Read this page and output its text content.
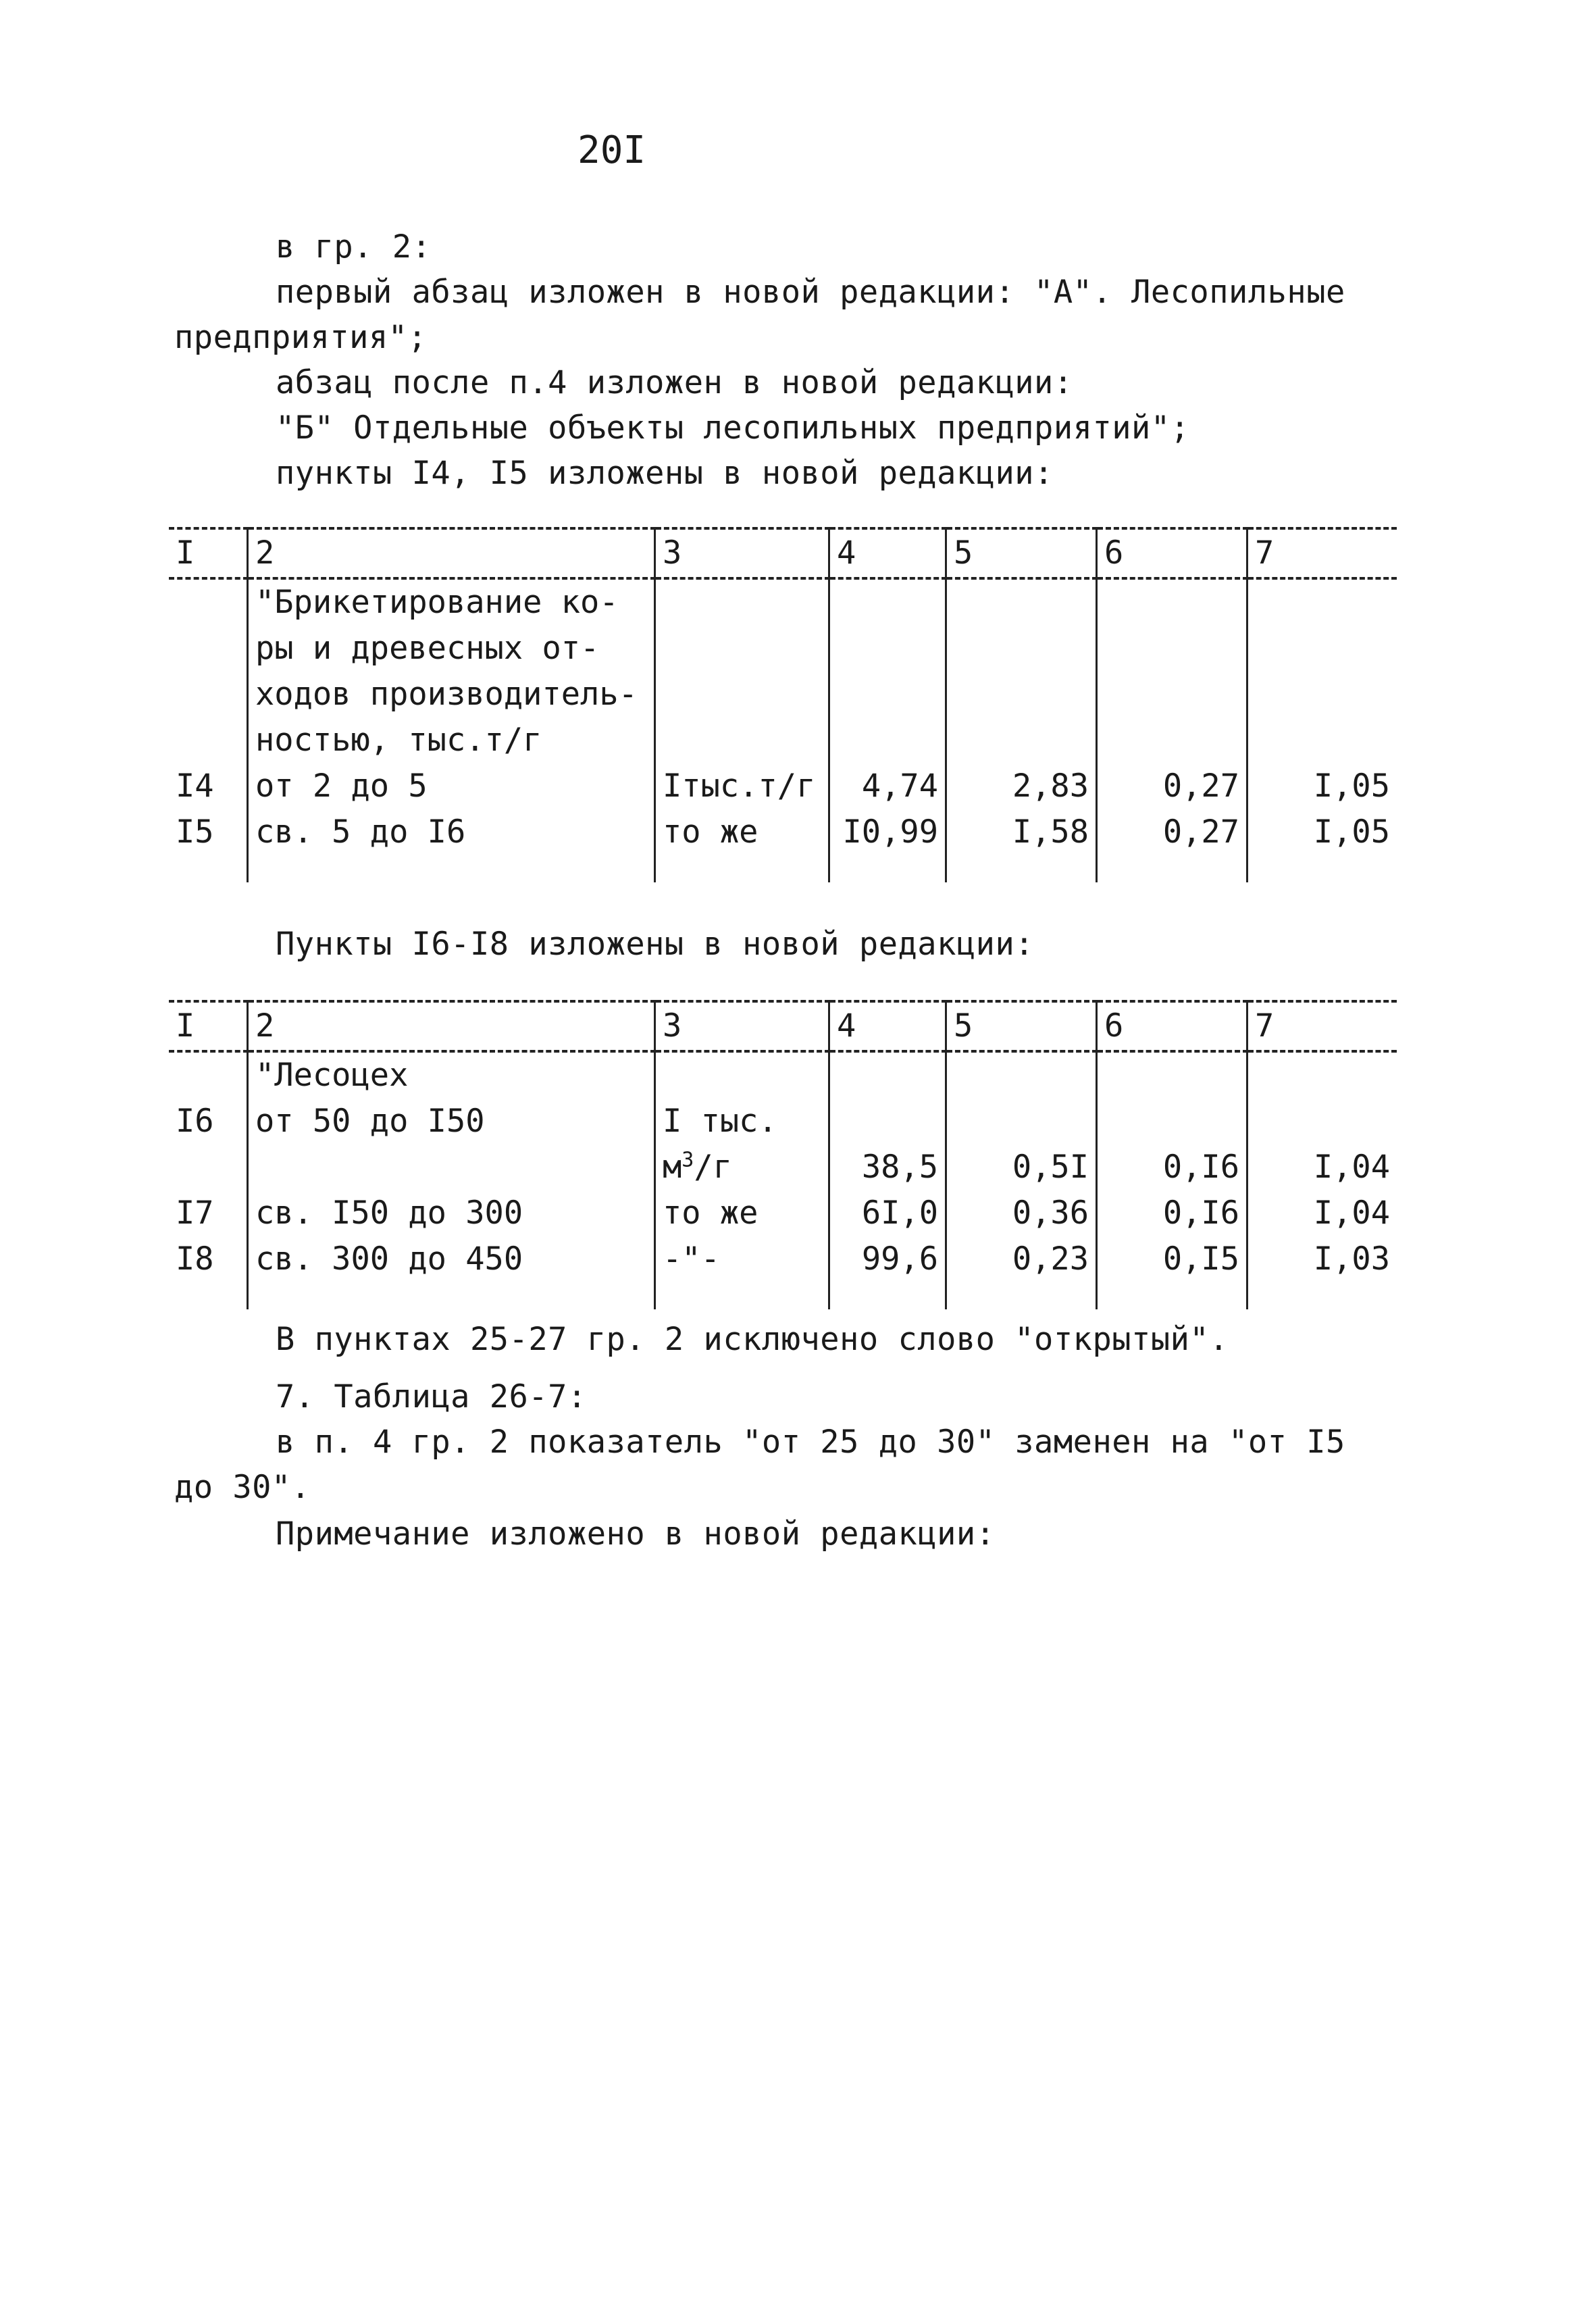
20I
в гр. 2:
первый абзац изложен в новой редакции: "А". Лесопильные
предприятия";
абзац после п.4 изложен в новой редакции:
"Б" Отдельные объекты лесопильных предприятий";
пункты I4, I5 изложены в новой редакции:
I	2	3	4	5	6	7
	"Брикетирование ко-					
	ры и древесных от-					
	ходов производитель-					
	ностью, тыс.т/г					
I4	от 2 до 5	Iтыс.т/г	4,74	2,83	0,27	I,05
I5	св. 5 до I6	то же	I0,99	I,58	0,27	I,05

Пункты I6-I8 изложены в новой редакции:
I	2	3	4	5	6	7
	"Лесоцех					
I6	от 50 до I50	I тыс.				
		$м^3/г$	38,5	0,5I	0,I6	I,04
I7	св. I50 до 300	то же	6I,0	0,36	0,I6	I,04
I8	св. 300 до 450	-"-	99,6	0,23	0,I5	I,03

В пунктах 25-27 гр. 2 исключено слово "открытый".
7. Таблица 26-7:
в п. 4 гр. 2 показатель "от 25 до 30" заменен на "от I5
до 30".
Примечание изложено в новой редакции:
